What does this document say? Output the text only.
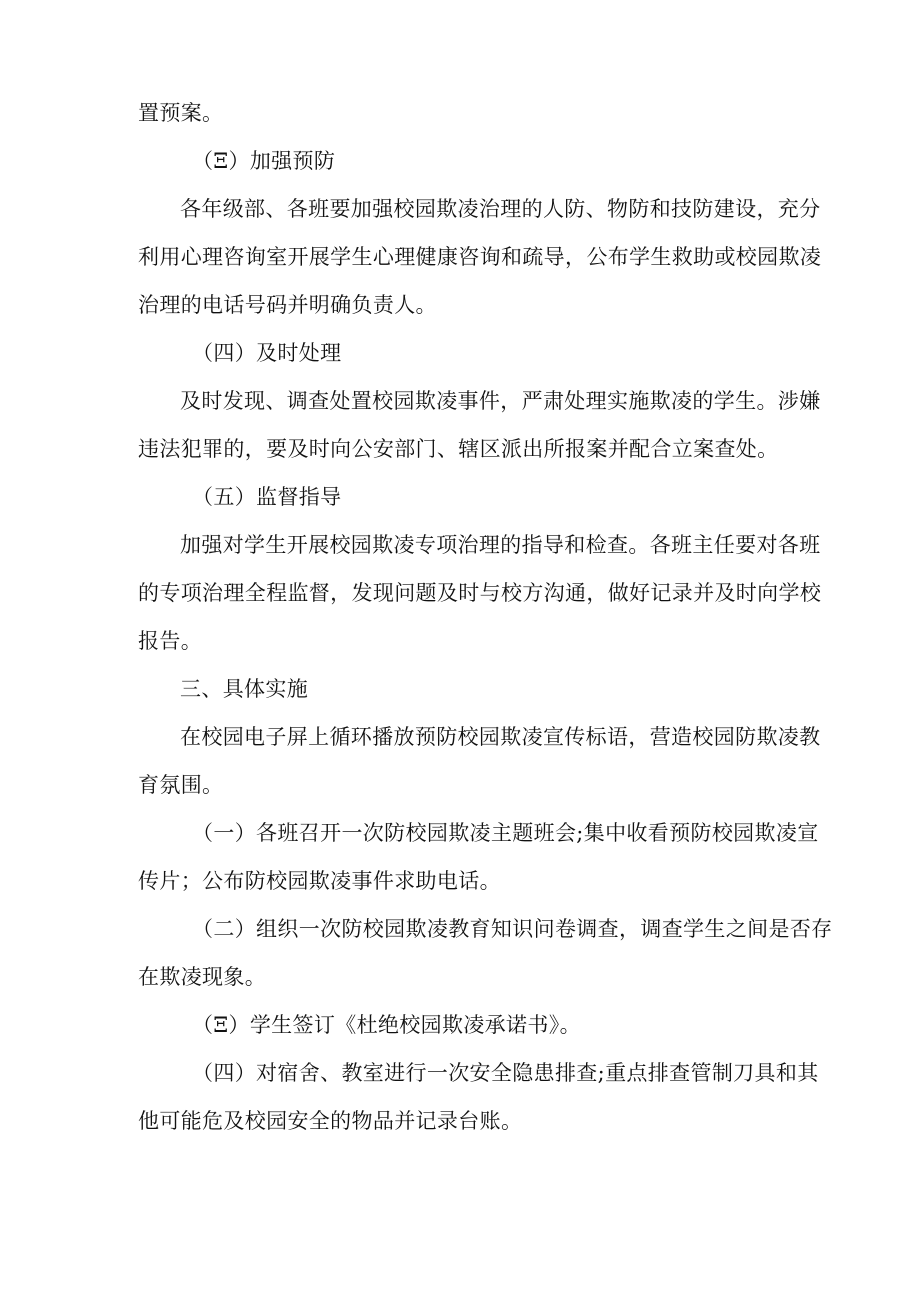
置预案。
（Ξ）加强预防
各年级部、各班要加强校园欺凌治理的人防、物防和技防建设，充分
利用心理咨询室开展学生心理健康咨询和疏导，公布学生救助或校园欺凌
治理的电话号码并明确负责人。
（四）及时处理
及时发现、调查处置校园欺凌事件，严肃处理实施欺凌的学生。涉嫌
违法犯罪的，要及时向公安部门、辖区派出所报案并配合立案查处。
（五）监督指导
加强对学生开展校园欺凌专项治理的指导和检查。各班主任要对各班
的专项治理全程监督，发现问题及时与校方沟通，做好记录并及时向学校
报告。
三、具体实施
在校园电子屏上循环播放预防校园欺凌宣传标语，营造校园防欺凌教
育氛围。
（一）各班召开一次防校园欺凌主题班会;集中收看预防校园欺凌宣
传片；公布防校园欺凌事件求助电话。
（二）组织一次防校园欺凌教育知识问卷调查，调查学生之间是否存
在欺凌现象。
（Ξ）学生签订《杜绝校园欺凌承诺书》。
（四）对宿舍、教室进行一次安全隐患排查;重点排查管制刀具和其
他可能危及校园安全的物品并记录台账。
